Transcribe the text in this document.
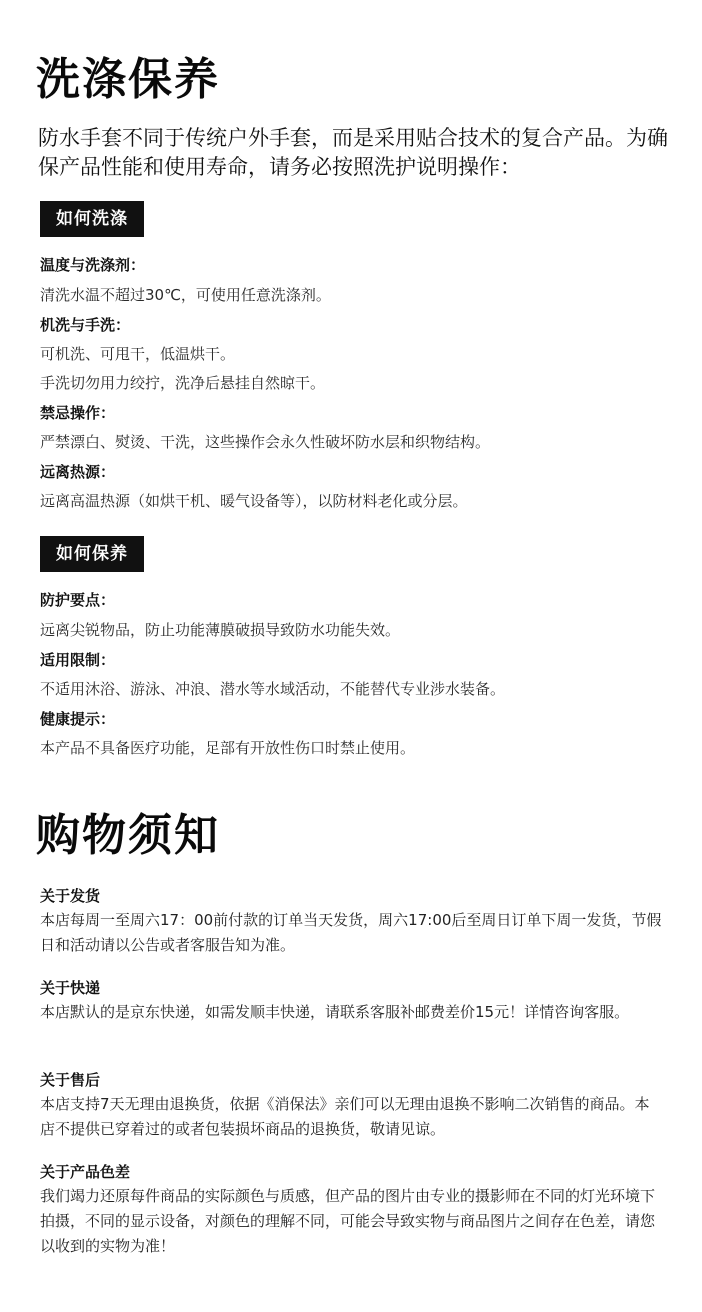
洗涤保养
防水手套不同于传统户外手套，而是采用贴合技术的复合产品。为确保产品性能和使用寿命，请务必按照洗护说明操作：
如何洗涤
温度与洗涤剂：
清洗水温不超过30℃，可使用任意洗涤剂。
机洗与手洗：
可机洗、可甩干，低温烘干。
手洗切勿用力绞拧，洗净后悬挂自然晾干。
禁忌操作：
严禁漂白、熨烫、干洗，这些操作会永久性破坏防水层和织物结构。
远离热源：
远离高温热源（如烘干机、暖气设备等），以防材料老化或分层。
如何保养
防护要点：
远离尖锐物品，防止功能薄膜破损导致防水功能失效。
适用限制：
不适用沐浴、游泳、冲浪、潜水等水域活动，不能替代专业涉水装备。
健康提示：
本产品不具备医疗功能，足部有开放性伤口时禁止使用。
购物须知
关于发货
本店每周一至周六17：00前付款的订单当天发货，周六17:00后至周日订单下周一发货，节假日和活动请以公告或者客服告知为准。
关于快递
本店默认的是京东快递，如需发顺丰快递，请联系客服补邮费差价15元！详情咨询客服。
关于售后
本店支持7天无理由退换货，依据《消保法》亲们可以无理由退换不影响二次销售的商品。本店不提供已穿着过的或者包装损坏商品的退换货，敬请见谅。
关于产品色差
我们竭力还原每件商品的实际颜色与质感，但产品的图片由专业的摄影师在不同的灯光环境下拍摄，不同的显示设备，对颜色的理解不同，可能会导致实物与商品图片之间存在色差，请您以收到的实物为准！
